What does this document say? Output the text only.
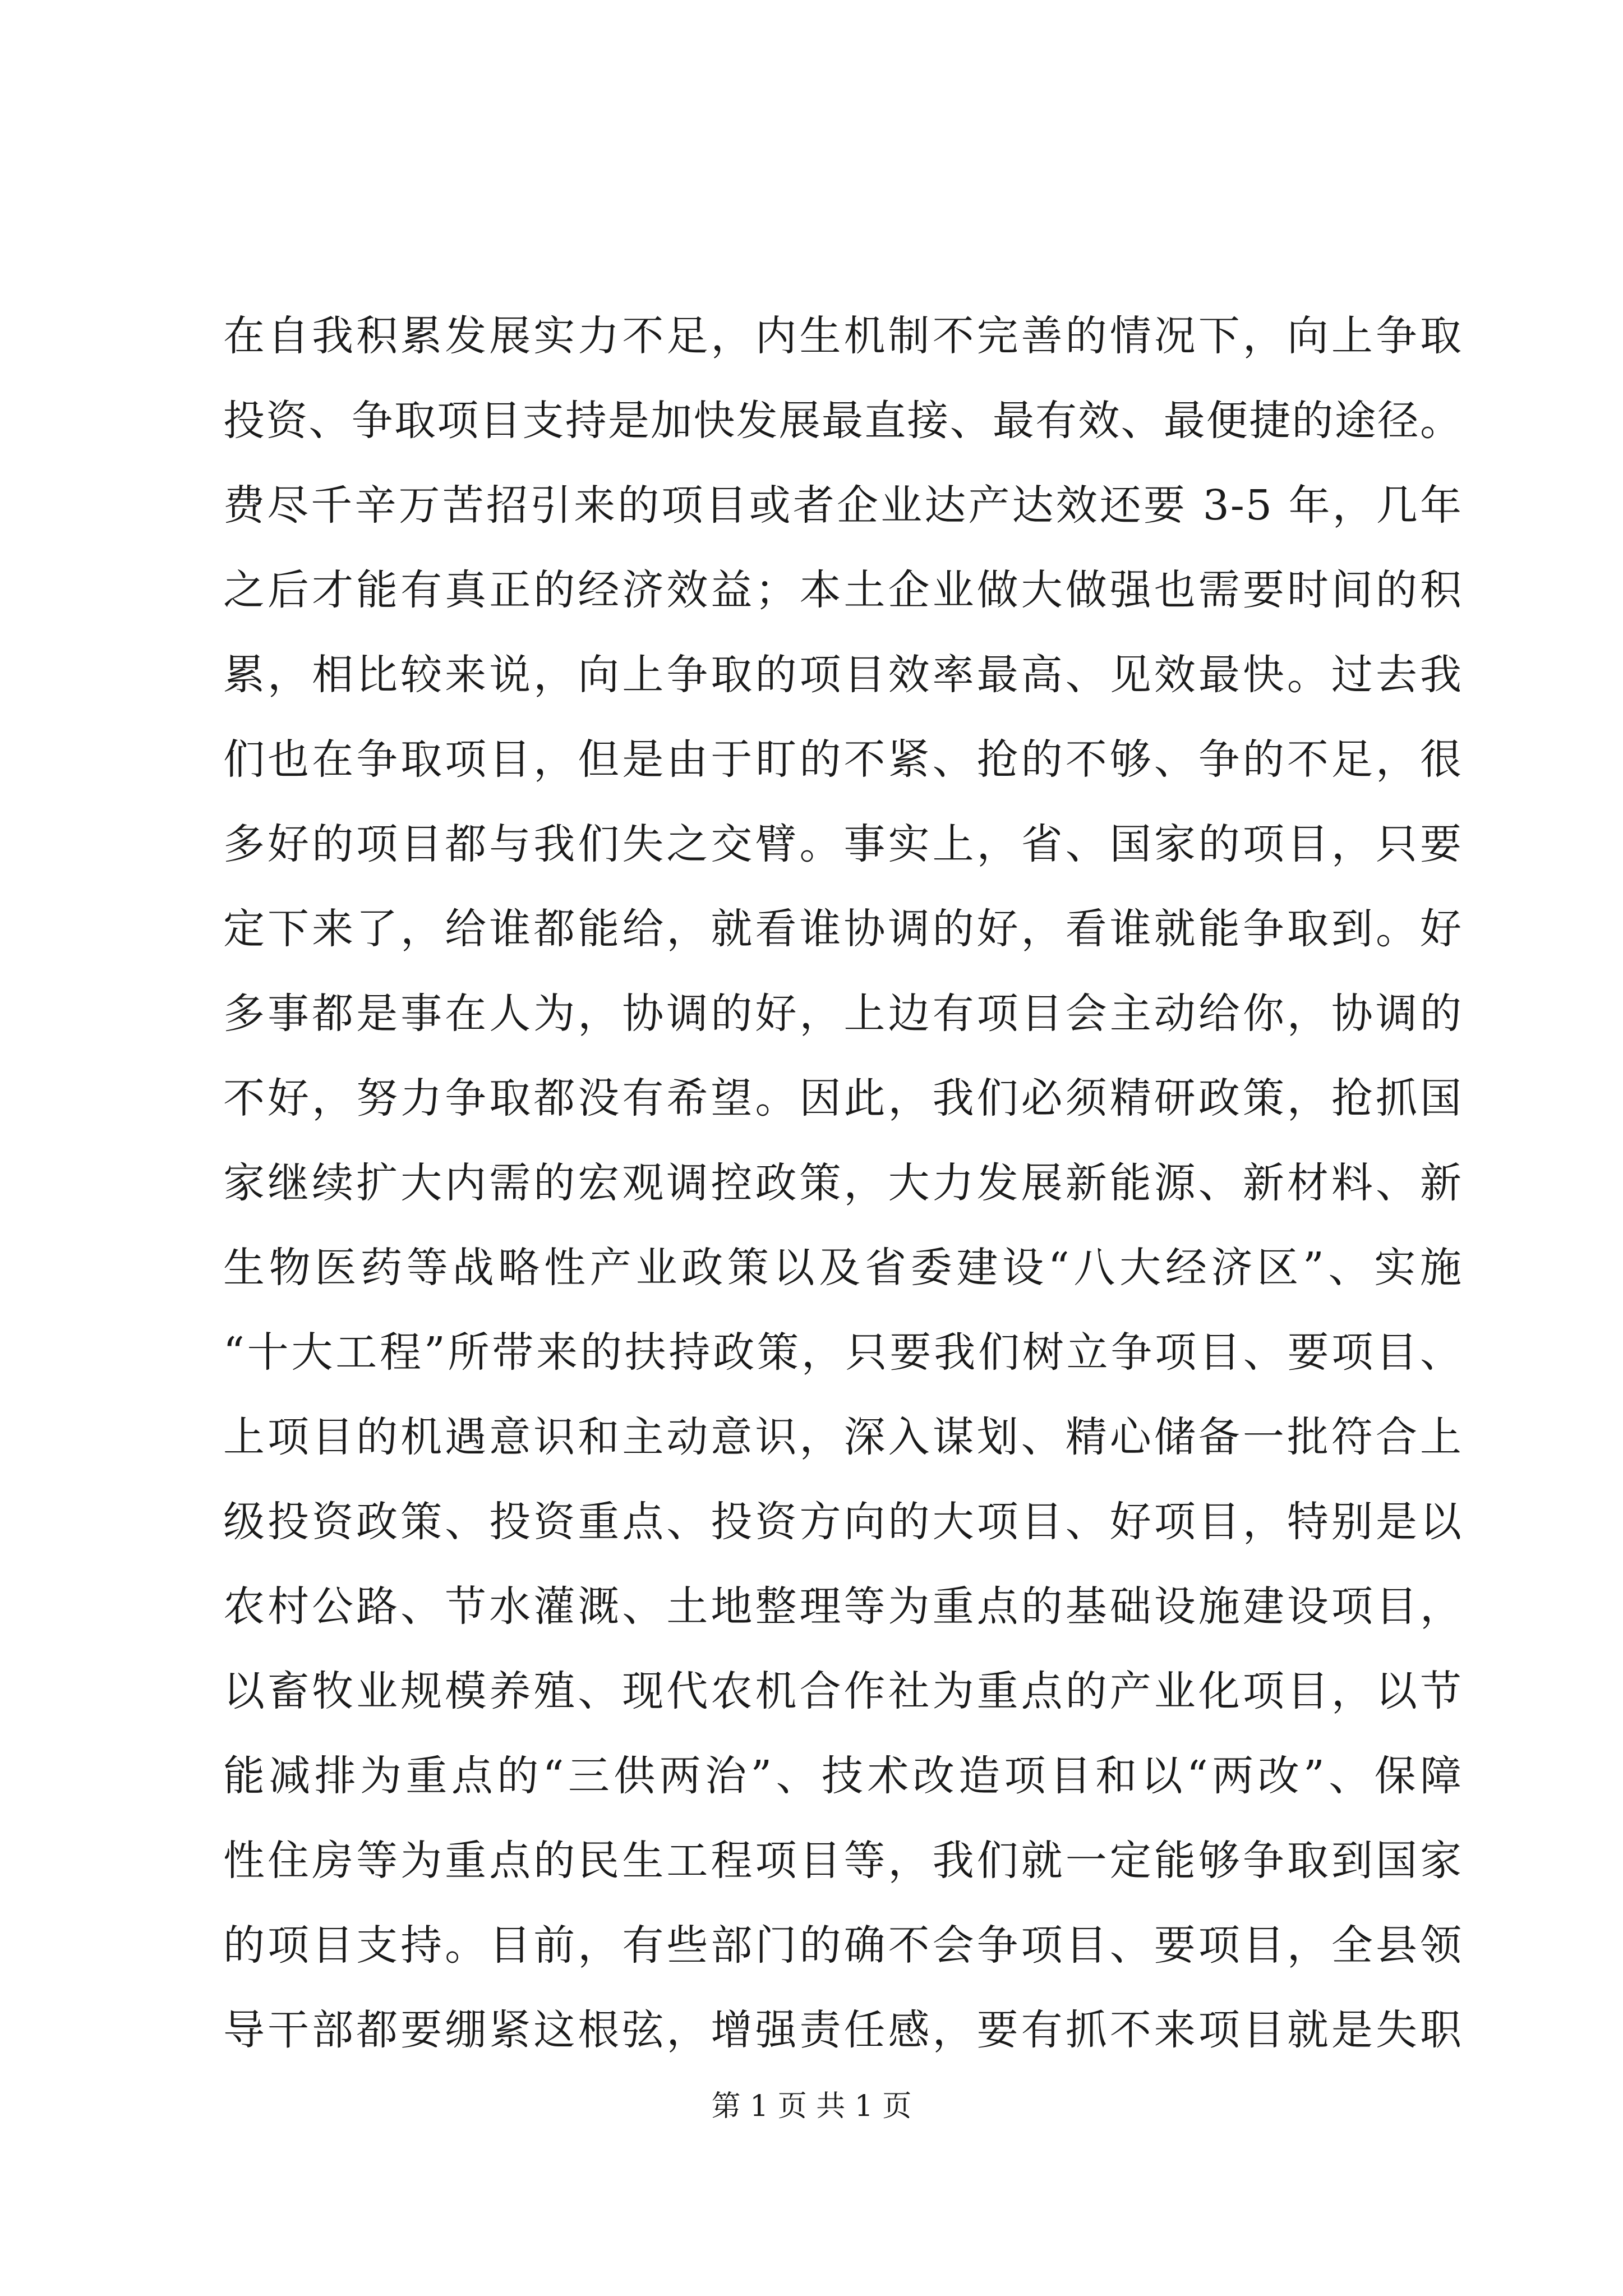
在自我积累发展实力不足，内生机制不完善的情况下，向上争取
投资、争取项目支持是加快发展最直接、最有效、最便捷的途径。
费尽千辛万苦招引来的项目或者企业达产达效还要 3-5 年，几年
之后才能有真正的经济效益；本土企业做大做强也需要时间的积
累，相比较来说，向上争取的项目效率最高、见效最快。过去我
们也在争取项目，但是由于盯的不紧、抢的不够、争的不足，很
多好的项目都与我们失之交臂。事实上，省、国家的项目，只要
定下来了，给谁都能给，就看谁协调的好，看谁就能争取到。好
多事都是事在人为，协调的好，上边有项目会主动给你，协调的
不好，努力争取都没有希望。因此，我们必须精研政策，抢抓国
家继续扩大内需的宏观调控政策，大力发展新能源、新材料、新
生物医药等战略性产业政策以及省委建设“八大经济区”、实施
“十大工程”所带来的扶持政策，只要我们树立争项目、要项目、
上项目的机遇意识和主动意识，深入谋划、精心储备一批符合上
级投资政策、投资重点、投资方向的大项目、好项目，特别是以
农村公路、节水灌溉、土地整理等为重点的基础设施建设项目，
以畜牧业规模养殖、现代农机合作社为重点的产业化项目，以节
能减排为重点的“三供两治”、技术改造项目和以“两改”、保障
性住房等为重点的民生工程项目等，我们就一定能够争取到国家
的项目支持。目前，有些部门的确不会争项目、要项目，全县领
导干部都要绷紧这根弦，增强责任感，要有抓不来项目就是失职
第 1 页 共 1 页
